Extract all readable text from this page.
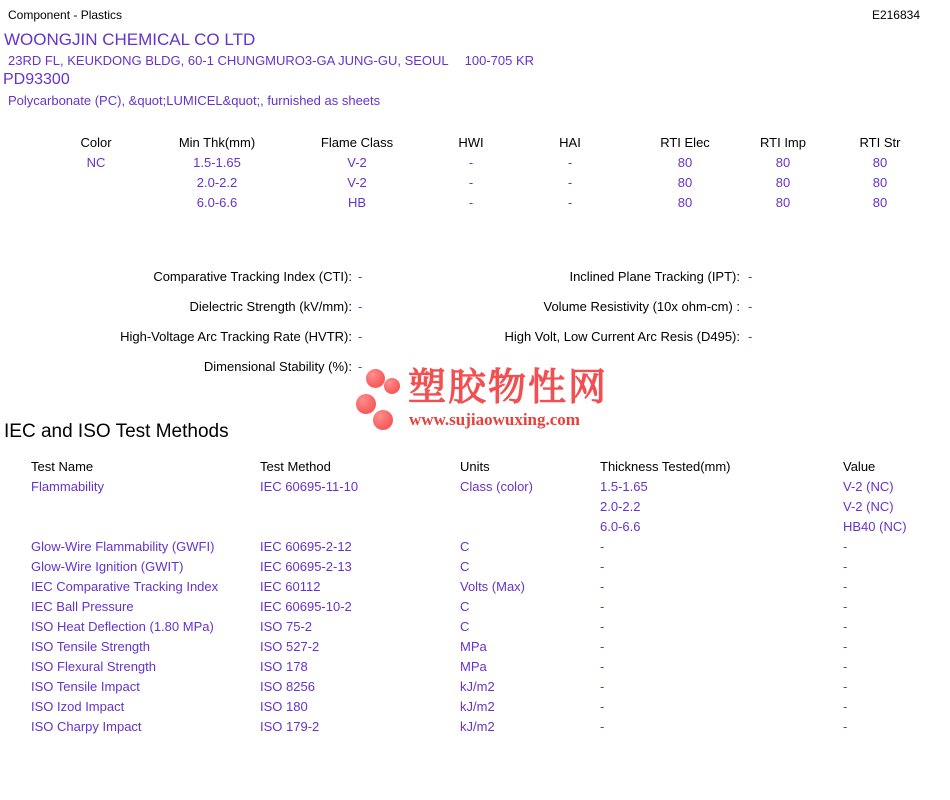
Component - Plastics	E216834
WOONGJIN CHEMICAL CO LTD
23RD FL, KEUKDONG BLDG, 60-1 CHUNGMURO3-GA JUNG-GU, SEOUL 100-705 KR
PD93300
Polycarbonate (PC), &quot;LUMICEL&quot;, furnished as sheets
Color	Min Thk(mm)	Flame Class	HWI	HAI	RTI Elec	RTI Imp	RTI Str
NC	1.5-1.65	V-2	-	-	80	80	80
	2.0-2.2	V-2	-	-	80	80	80
	6.0-6.6	HB	-	-	80	80	80
Comparative Tracking Index (CTI): -	Inclined Plane Tracking (IPT): -
Dielectric Strength (kV/mm): -	Volume Resistivity (10x ohm-cm) : -
High-Voltage Arc Tracking Rate (HVTR): -	High Volt, Low Current Arc Resis (D495): -
Dimensional Stability (%): -	塑胶物性网
www.sujiaowuxing.com
IEC and ISO Test Methods
Test Name	Test Method	Units	Thickness Tested(mm)	Value
Flammability	IEC 60695-11-10	Class (color)	1.5-1.65	V-2 (NC)
			2.0-2.2	V-2 (NC)
			6.0-6.6	HB40 (NC)
Glow-Wire Flammability (GWFI)	IEC 60695-2-12	C	-	-
Glow-Wire Ignition (GWIT)	IEC 60695-2-13	C	-	-
IEC Comparative Tracking Index	IEC 60112	Volts (Max)	-	-
IEC Ball Pressure	IEC 60695-10-2	C	-	-
ISO Heat Deflection (1.80 MPa)	ISO 75-2	C	-	-
ISO Tensile Strength	ISO 527-2	MPa	-	-
ISO Flexural Strength	ISO 178	MPa	-	-
ISO Tensile Impact	ISO 8256	kJ/m2	-	-
ISO Izod Impact	ISO 180	kJ/m2	-	-
ISO Charpy Impact	ISO 179-2	kJ/m2	-	-
